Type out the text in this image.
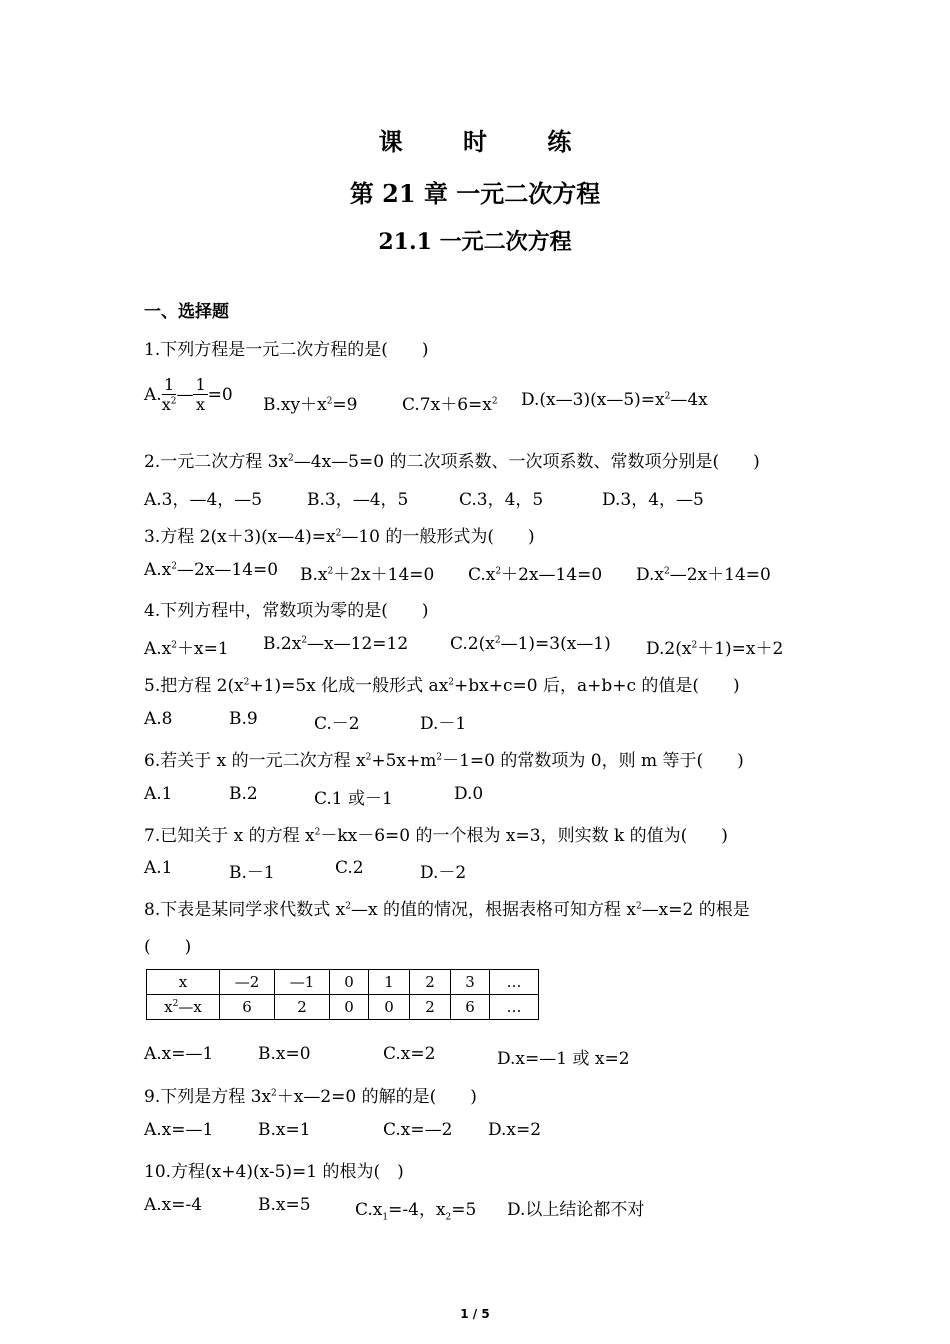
课 时 练
第 21 章 一元二次方程
21.1 一元二次方程
一、选择题
1.下列方程是一元二次方程的是(　　)
A. $\frac{1}{x^2}$ — $\frac{1}{x} =0$ $B.xy+x^2=9$	$C.7x+6=x^2$ $D.(x—3)(x—5)=x^2—4x$
2.一元二次方程 $3x^2—4x—5=0$ 的二次项系数、一次项系数、常数项分别是(　　)
A.3，—4，—5	B.3，—4，5	C.3，4，5	D.3，4，—5
3.方程 $2(x+3)(x—4)=x^2—10$ 的一般形式为(　　)
$A.x^2—2x—14=0$ $B.x^2+2x+14=0$ $C.x^2+2x—14=0$ $D.x^2—2x+14=0$
4.下列方程中，常数项为零的是(　　)
$A.x^2+x=1$ $B.2x^2—x—12=12$ $C.2(x^2—1)=3(x—1)$ $D.2(x^2+1)=x+2$
5.把方程 $2(x^2+1)=5x$ 化成一般形式 $ax^2+bx+c=0$ 后，a+b+c 的值是(　　)
A.8	B.9	C.－2	D.－1
6.若关于 x 的一元二次方程 $x^2+5x+m^2-1=0$ 的常数项为 0，则 m 等于(　　)
A.1	B.2	C.1 或－1	D.0
7.已知关于 x 的方程 $x^2-kx-6=0$ 的一个根为 x=3，则实数 k 的值为(　　)
A.1	B.－1	C.2	D.－2
8.下表是某同学求代数式 $x^2—x$ 的值的情况，根据表格可知方程 $x^2—x=2$ 的根是
(　　)
x	—2	—1	0	1	2	3	…
$x^2—x$	6	2	0	0	2	6	…
A.x=—1	B.x=0	C.x=2	D.x=—1 或 x=2
9.下列是方程 $3x^2+x—2=0$ 的解的是(　　)
A.x=—1	B.x=1	C.x=—2 D.x=2
10.方程(x+4)(x-5)=1 的根为(　)
A.x=-4	B.x=5	$C.x_1=-4$，$x_2=5$ D.以上结论都不对
1 / 5
